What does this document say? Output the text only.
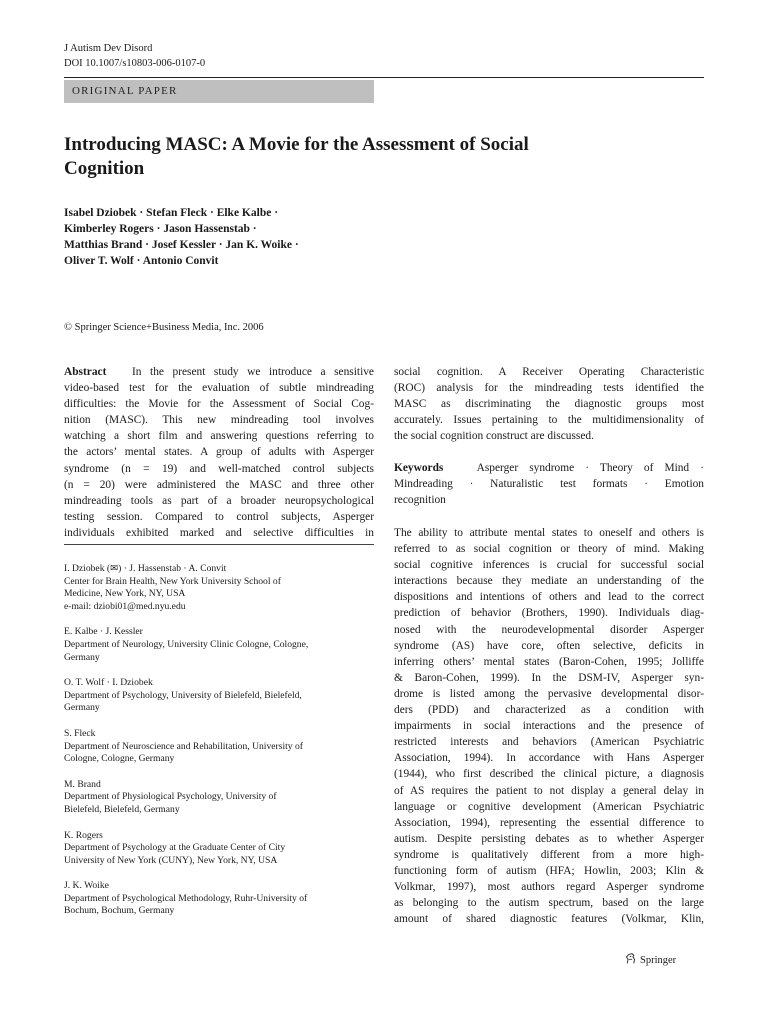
J Autism Dev Disord
DOI 10.1007/s10803-006-0107-0
ORIGINAL PAPER
Introducing MASC: A Movie for the Assessment of Social
Cognition
Isabel Dziobek · Stefan Fleck · Elke Kalbe ·
Kimberley Rogers · Jason Hassenstab ·
Matthias Brand · Josef Kessler · Jan K. Woike ·
Oliver T. Wolf · Antonio Convit
© Springer Science+Business Media, Inc. 2006
Abstract In the present study we introduce a sensitive
video-based test for the evaluation of subtle mindreading
difficulties: the Movie for the Assessment of Social Cog-
nition (MASC). This new mindreading tool involves
watching a short film and answering questions referring to
the actors’ mental states. A group of adults with Asperger
syndrome (n = 19) and well-matched control subjects
(n = 20) were administered the MASC and three other
mindreading tools as part of a broader neuropsychological
testing session. Compared to control subjects, Asperger
individuals exhibited marked and selective difficulties in
I. Dziobek (✉) · J. Hassenstab · A. Convit
Center for Brain Health, New York University School of
Medicine, New York, NY, USA
e-mail: dziobi01@med.nyu.edu
E. Kalbe · J. Kessler
Department of Neurology, University Clinic Cologne, Cologne,
Germany
O. T. Wolf · I. Dziobek
Department of Psychology, University of Bielefeld, Bielefeld,
Germany
S. Fleck
Department of Neuroscience and Rehabilitation, University of
Cologne, Cologne, Germany
M. Brand
Department of Physiological Psychology, University of
Bielefeld, Bielefeld, Germany
K. Rogers
Department of Psychology at the Graduate Center of City
University of New York (CUNY), New York, NY, USA
J. K. Woike
Department of Psychological Methodology, Ruhr-University of
Bochum, Bochum, Germany
social cognition. A Receiver Operating Characteristic
(ROC) analysis for the mindreading tests identified the
MASC as discriminating the diagnostic groups most
accurately. Issues pertaining to the multidimensionality of
the social cognition construct are discussed.
Keywords	Asperger syndrome · Theory of Mind ·
Mindreading · Naturalistic test formats · Emotion
recognition
The ability to attribute mental states to oneself and others is
referred to as social cognition or theory of mind. Making
social cognitive inferences is crucial for successful social
interactions because they mediate an understanding of the
dispositions and intentions of others and lead to the correct
prediction of behavior (Brothers, 1990). Individuals diag-
nosed with the neurodevelopmental disorder Asperger
syndrome (AS) have core, often selective, deficits in
inferring others’ mental states (Baron-Cohen, 1995; Jolliffe
& Baron-Cohen, 1999). In the DSM-IV, Asperger syn-
drome is listed among the pervasive developmental disor-
ders (PDD) and characterized as a condition with
impairments in social interactions and the presence of
restricted interests and behaviors (American Psychiatric
Association, 1994). In accordance with Hans Asperger
(1944), who first described the clinical picture, a diagnosis
of AS requires the patient to not display a general delay in
language or cognitive development (American Psychiatric
Association, 1994), representing the essential difference to
autism. Despite persisting debates as to whether Asperger
syndrome is qualitatively different from a more high-
functioning form of autism (HFA; Howlin, 2003; Klin &
Volkmar, 1997), most authors regard Asperger syndrome
as belonging to the autism spectrum, based on the large
amount of shared diagnostic features (Volkmar, Klin,
Springer
